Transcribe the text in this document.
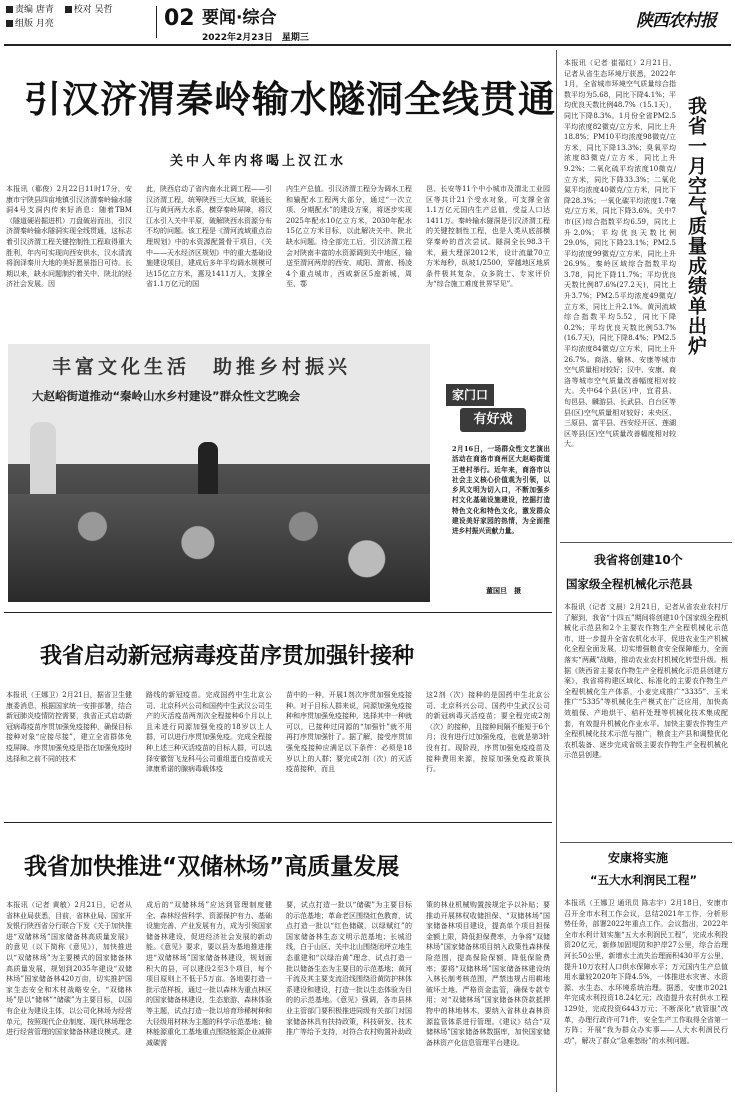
责编 唐青 校对 吴哲
组版 月亮	02 要闻·综合
2022年2月23日　星期三
陕西农村报
引汉济渭秦岭输水隧洞全线贯通
关中人年内将喝上汉江水
本报讯（郗俊）2月22日11时17分，安康市宁陕县四亩地镇引汉济渭秦岭输水隧洞4号支洞内传来好消息：随着TBM（隧道硬岩掘进机）刀盘破岩而出，引汉济渭秦岭输水隧洞实现全线贯通，这标志着引汉济渭工程关键控制性工程取得重大胜利，年内可实现向西安供水，汉水清流将润泽秦川大地的美好愿景指日可待。长期以来，缺水问题制约着关中、陕北的经济社会发展。因
此，陕西启动了省内南水北调工程——引汉济渭工程，统筹陕西三大区域，联通长江与黄河两大水系，横穿秦岭屏障，将汉江水引入关中平原，破解陕西水资源分布不均的问题。该工程是《渭河流域重点治理规划》中的水资源配置骨干项目，《关中——天水经济区规划》中的重大基础设施建设项目，建成后多年平均调水规模可达15亿立方米，惠及1411万人，支撑全省1.1万亿元的国
内生产总值。引汉济渭工程分为调水工程和输配水工程两大部分，通过“一次立项、分期配水”的建设方案，将逐步实现2025年配水10亿立方米，2030年配水15亿立方米目标，以此解决关中、陕北缺水问题。待全部完工后，引汉济渭工程会对陕南丰富的水资源调到关中地区，输送至渭河两岸的西安、咸阳、渭南、杨凌4个重点城市，西咸新区5座新城，周至、鄠
邑、长安等11个中小城市及渭北工业园区等共计21个受水对象，可支撑全省1.1万亿元国内生产总值，受益人口达1411万。秦岭输水隧洞是引汉济渭工程的关键控制性工程，也是人类从底部横穿秦岭的首次尝试。隧洞全长98.3千米，最大埋深2012米，设计流量70立方米每秒，纵坡1/2500，穿越地区地质条件极其复杂，众多院士、专家评价为“综合施工难度世界罕见”。
丰富文化生活　助推乡村振兴
大赵峪街道推动“秦岭山水乡村建设”群众性文艺晚会	家门口
有好戏
2月16日，一场群众性文艺演出活动在商洛市商州区大赵峪街道王巷村举行。近年来，商洛市以社会主义核心价值观为引领，以乡风文明为切入口，不断加强乡村文化基础设施建设，挖掘打造特色文化和特色文化，激发群众建设美好家园的热情，为全面推进乡村振兴贡献力量。
董国旦　摄
我省启动新冠病毒疫苗序贯加强针接种
本报讯（王娜卫）2月21日，据省卫生健康委消息，根据国家统一安排部署，结合新冠肺炎疫情防控需要，我省正式启动新冠病毒疫苗序贯加强免疫接种，确保目标接种对象“应接尽接”，建立全省群体免疫屏障。序贯加强免疫是指在加强免疫时选择和之前不同的技术
路线的新冠疫苗。完成国药中生北京公司、北京科兴公司和国药中生武汉公司生产的灭活疫苗两剂次全程接种6个月以上且未进行同源加强免疫的18岁以上人群，可以进行序贯加强免疫。完成全程接种上述三种灭活疫苗的目标人群，可以选择安徽智飞龙科马公司重组蛋白疫苗或天津康希诺的腺病毒载体疫
苗中的一种，开展1剂次序贯加强免疫接种。对于目标人群来说，同源加强免疫接种和序贯加强免疫接种，选择其中一种就可以，已接种过同源的“加强针”就不用再打序贯加强针了。据了解，接受序贯加强免疫接种应满足以下条件：必须是18岁以上的人群；要完成2剂（次）的灭活疫苗接种，而且
这2剂（次）接种的是国药中生北京公司、北京科兴公司、国药中生武汉公司的新冠病毒灭活疫苗；要全程完成2剂（次）的接种，且接种间隔不能短于6个月；没有进行过加强免疫，也就是第3针没有打。现阶段，序贯加强免疫疫苗及接种费用来源，按原加强免疫政策执行。
我省加快推进“双储林场”高质量发展
本报讯（记者 黄敏）2月21日，记者从省林业局获悉，目前，省林业局、国家开发银行陕西省分行联合下发《关于加快推进“双储林场”国家储备林高质量发展》的意见（以下简称《意见》），加快推进以“双储林场”为主要模式的国家储备林高质量发展，规划到2035年建设“双储林场”国家储备林420万亩，切实推护国家生态安全和木材战略安全。“双储林场”是以“储林”“储碳”为主要目标，以国有企业为建设主体，以公司化林场为经营单元，按照现代企业制度、现代林场理念进行经营管理的国家储备林建设模式。建
成后的“双储林场”应达到管理制度健全、森林经营科学、资源保护有力、基础设施完善、产业发展有力，成为引领国家储备林建设，促进经济社会发展的新动能。《意见》要求，要以县为基地推进推进“双储林场”国家储备林建设，规划面积大的县，可以建设2至3个项目，每个项目原则上不低于5万亩。各地要打造一批示范样板，通过一批以森林为重点林区的国家储备林建设，生态旅游、森林体验等主题，试点打造一批以培育珍稀树种和大径级用材林为主题的科学示范基地；榆林能源重化工基地重点围绕能源企业减排减碳需
要，试点打造一批以“储碳”为主要目标的示范基地；革命老区围绕红色教育，试点打造一批以“红色储碳，以绿赋红”的国家储备林生态文明示范基地；长城沿线，白于山区、关中北山围绕闭坪立地生态重建和“以绿治黄”理念，试点打造一批以储备生态为主要目的示范基地；黄河干流及其主要支流沿线围绕沿黄防护林体系建设和建设，打造一批以生态体验为目的的示范基地。《意见》强调，各市县林业主管部门要积极推进同级有关部门对国家储备林具有扶持政策，科技研发、技术推广等给予支持，对符合农村购置补助政
策的林业机械购置按规定予以补贴；要推动开展林权收储担保、“双储林场”国家储备林项目建设，提高单个项目担保金额上限，降低担保费率，力争将“双储林场”国家储备林项目纳入政策性森林保险范围，提高保险保额，降低保险费率；要将“双储林场”国家储备林建设纳入林长制考核范围，严禁违规占用耕地破坏土地、严格资金监管，确保专款专用；对“双储林场”国家储备林贷款抵押物中的林地林木，要纳入省林业森林资源监管体系进行管理。《建议》结合“双储林场”国家储备林数据库，加快国家储备林资产化信息管理平台建设。
本报讯（记者 崔福红）2月21日，记者从省生态环境厅获悉，2022年1月，全省城市环境空气质量综合指数平均为5.68，同比下降4.1%；平均优良天数比例48.7%（15.1天），同比下降8.3%。1月份全省PM2.5平均浓度82微克/立方米，同比上升18.8%；PM10平均浓度98微克/立方米，同比下降13.3%；臭氧平均浓度83微克/立方米，同比上升9.2%；二氧化硫平均浓度10微克/立方米，同比下降33.3%；二氧化氮平均浓度40微克/立方米，同比下降28.3%；一氧化碳平均浓度1.7毫克/立方米，同比下降3.6%。关中7市(区)综合指数平均6.59，同比上升2.0%；平均优良天数比例29.0%，同比下降23.1%；PM2.5平均浓度99微克/立方米，同比上升26.9%。秦岭区域综合指数平均3.78，同比下降11.7%；平均优良天数比例87.6%(27.2天)，同比上升3.7%；PM2.5平均浓度49微克/立方米，同比上升2.1%。黄河流域综合指数平均5.52，同比下降0.2%；平均优良天数比例53.7%(16.7天)，同比下降8.4%；PM2.5平均浓度84微克/立方米，同比上升26.7%。商洛、榆林、安康等城市空气质量相对较好；汉中、安康、商洛等城市空气质量改善幅度相对较大。关中64个县(区)中，宜君县、旬邑县、麟游县、长武县、白台区等县(区)空气质量相对较好；未央区、三原县、富平县、西安经开区、莲湖区等县(区)空气质量改善幅度相对较大。
我省一月空气质量成绩单出炉
我省将创建10个
国家级全程机械化示范县
本报讯（记者 文晨）2月21日，记者从省农业农村厅了解到，我省“十四五”期间将创建10个国家级全程机械化示范县和2个主要农作物生产全程机械化示范市，进一步提升全省农机化水平，促进农业生产机械化全程全面发展，切实增强粮食安全保障能力，全面落实“两藏”战略，推动农业农村机械化转型升级。根据《陕西省主要农作物生产全程机械化示范县创建方案》，我省将构建区域化、标准化的主要农作物生产全程机械化生产体系，小麦完成推广“3335”、玉米推广“5335”等机械化生产模式在广泛应用，加快高效植保、产地烘干、秸秆处理等机械化技术集成配套，有效提升机械化作业水平。加快主要农作物生产全程机械化技术示范与推广，粮食主产县和调整优化农机装备、逐步完成省级主要农作物生产全程机械化示范县创建。
安康将实施
“五大水利润民工程”
本报讯（王娜卫 通讯员 陈志宇）2月18日，安康市召开全市水利工作会议，总结2021年工作，分析形势任务，部署2022年重点工作。会议指出，2022年全市水利计划实施“五大水利润民工程”，完成水利投资20亿元，新修加固堤防和护岸27公里，综合治理河长50公里，新增水土流失治理面积430平方公里，提升10万农村人口供水保障水平；万元国内生产总值用水量较2020年下降4.5%，一体推进水灾害、水资源、水生态、水环境系统治理。据悉，安康市2021年完成水利投资18.24亿元；改造提升农村供水工程129处，完成投资6443万元；不断深化“放管服”改革，办理行政许可71件，安全生产工作取得全省第一方阵；开展“我为群众办实事——人大水利润民行动”，解决了群众“急难愁盼”的水利问题。
